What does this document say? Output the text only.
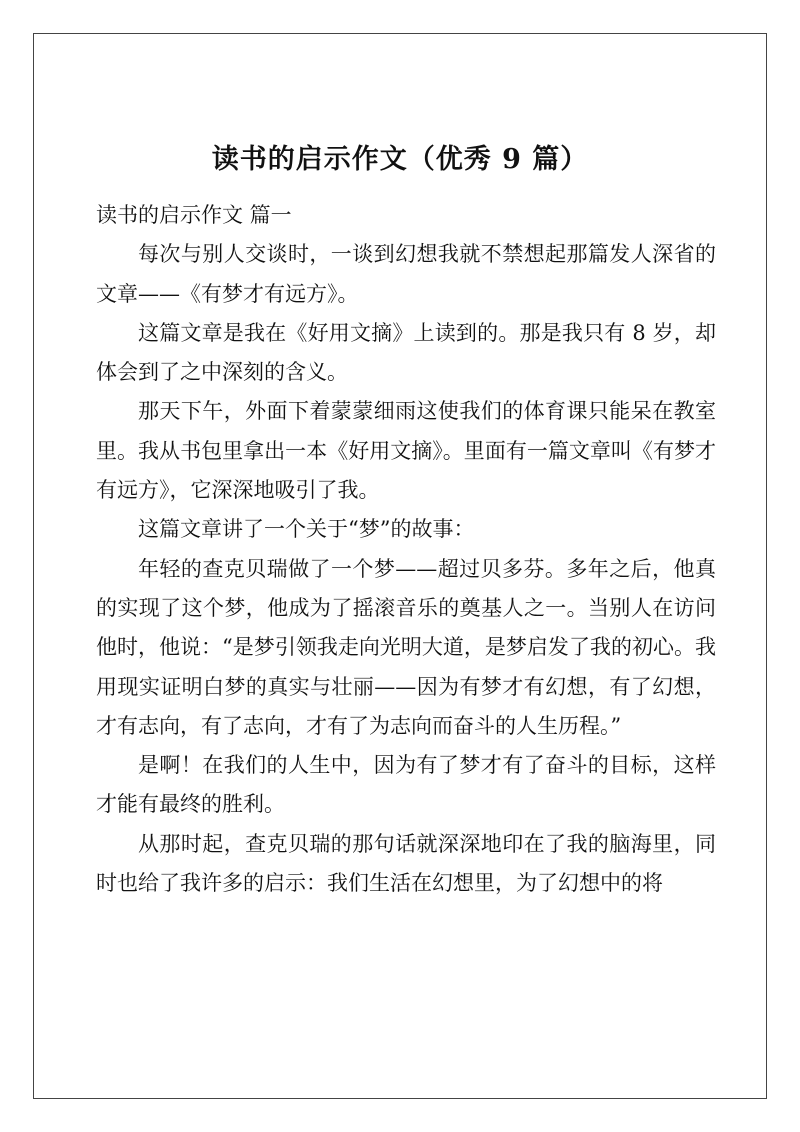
读书的启示作文（优秀 9 篇）

读书的启示作文 篇一

每次与别人交谈时，一谈到幻想我就不禁想起那篇发人深省的文章——《有梦才有远方》。

这篇文章是我在《好用文摘》上读到的。那是我只有 8 岁，却体会到了之中深刻的含义。

那天下午，外面下着蒙蒙细雨这使我们的体育课只能呆在教室里。我从书包里拿出一本《好用文摘》。里面有一篇文章叫《有梦才有远方》，它深深地吸引了我。

这篇文章讲了一个关于“梦”的故事：

年轻的查克贝瑞做了一个梦——超过贝多芬。多年之后，他真的实现了这个梦，他成为了摇滚音乐的奠基人之一。当别人在访问他时，他说：“是梦引领我走向光明大道，是梦启发了我的初心。我用现实证明白梦的真实与壮丽——因为有梦才有幻想，有了幻想，才有志向，有了志向，才有了为志向而奋斗的人生历程。”

是啊！在我们的人生中，因为有了梦才有了奋斗的目标，这样才能有最终的胜利。

从那时起，查克贝瑞的那句话就深深地印在了我的脑海里，同时也给了我许多的启示：我们生活在幻想里，为了幻想中的将
